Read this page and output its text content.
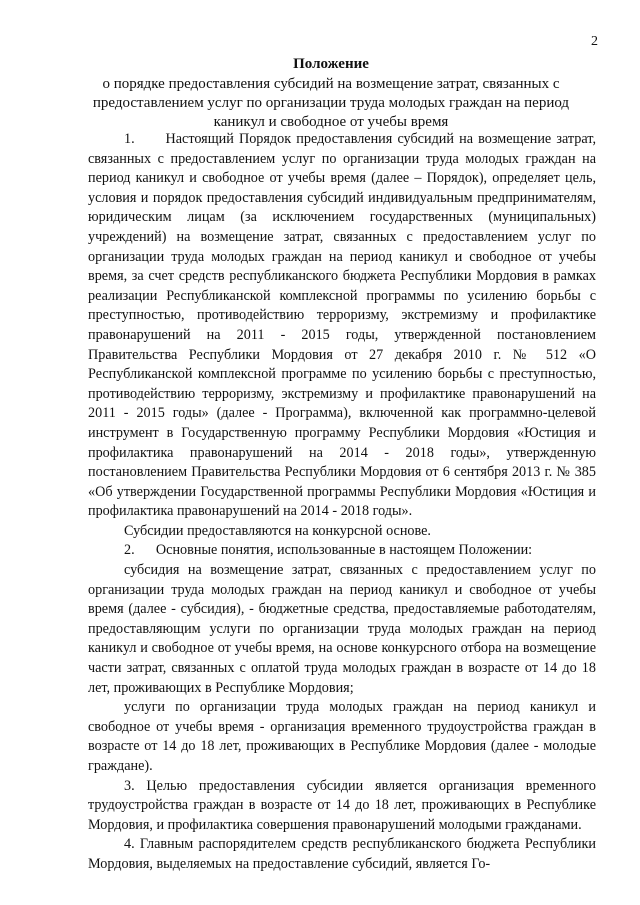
2
Положение
о порядке предоставления субсидий на возмещение затрат, связанных с предоставлением услуг по организации труда молодых граждан на период каникул и свободное от учебы время

1.      Настоящий Порядок предоставления субсидий на возмещение затрат, связанных с предоставлением услуг по организации труда молодых граждан на период каникул и свободное от учебы время (далее – Порядок), определяет цель, условия и порядок предоставления субсидий индивидуальным предпринимателям, юридическим лицам (за исключением государственных (муниципальных) учреждений) на возмещение затрат, связанных с предоставлением услуг по организации труда молодых граждан на период каникул и свободное от учебы время, за счет средств республиканского бюджета Республики Мордовия в рамках реализации Республиканской комплексной программы по усилению борьбы с преступностью, противодействию терроризму, экстремизму и профилактике правонарушений на 2011 - 2015 годы, утвержденной постановлением Правительства Республики Мордовия от 27 декабря 2010 г. № 512 «О Республиканской комплексной программе по усилению борьбы с преступностью, противодействию терроризму, экстремизму и профилактике правонарушений на 2011 - 2015 годы» (далее - Программа), включенной как программно-целевой инструмент в Государственную программу Республики Мордовия «Юстиция и профилактика правонарушений на 2014 - 2018 годы», утвержденную постановлением Правительства Республики Мордовия от 6 сентября 2013 г. № 385 «Об утверждении Государственной программы Республики Мордовия «Юстиция и профилактика правонарушений на 2014 - 2018 годы».

Субсидии предоставляются на конкурсной основе.

2.      Основные понятия, использованные в настоящем Положении:

субсидия на возмещение затрат, связанных с предоставлением услуг по организации труда молодых граждан на период каникул и свободное от учебы время (далее - субсидия), - бюджетные средства, предоставляемые работодателям, предоставляющим услуги по организации труда молодых граждан на период каникул и свободное от учебы время, на основе конкурсного отбора на возмещение части затрат, связанных с оплатой труда молодых граждан в возрасте от 14 до 18 лет, проживающих в Республике Мордовия;

услуги по организации труда молодых граждан на период каникул и свободное от учебы время - организация временного трудоустройства граждан в возрасте от 14 до 18 лет, проживающих в Республике Мордовия (далее - молодые граждане).

3. Целью предоставления субсидии является организация временного трудоустройства граждан в возрасте от 14 до 18 лет, проживающих в Республике Мордовия, и профилактика совершения правонарушений молодыми гражданами.

4. Главным распорядителем средств республиканского бюджета Республики Мордовия, выделяемых на предоставление субсидий, является Го-
